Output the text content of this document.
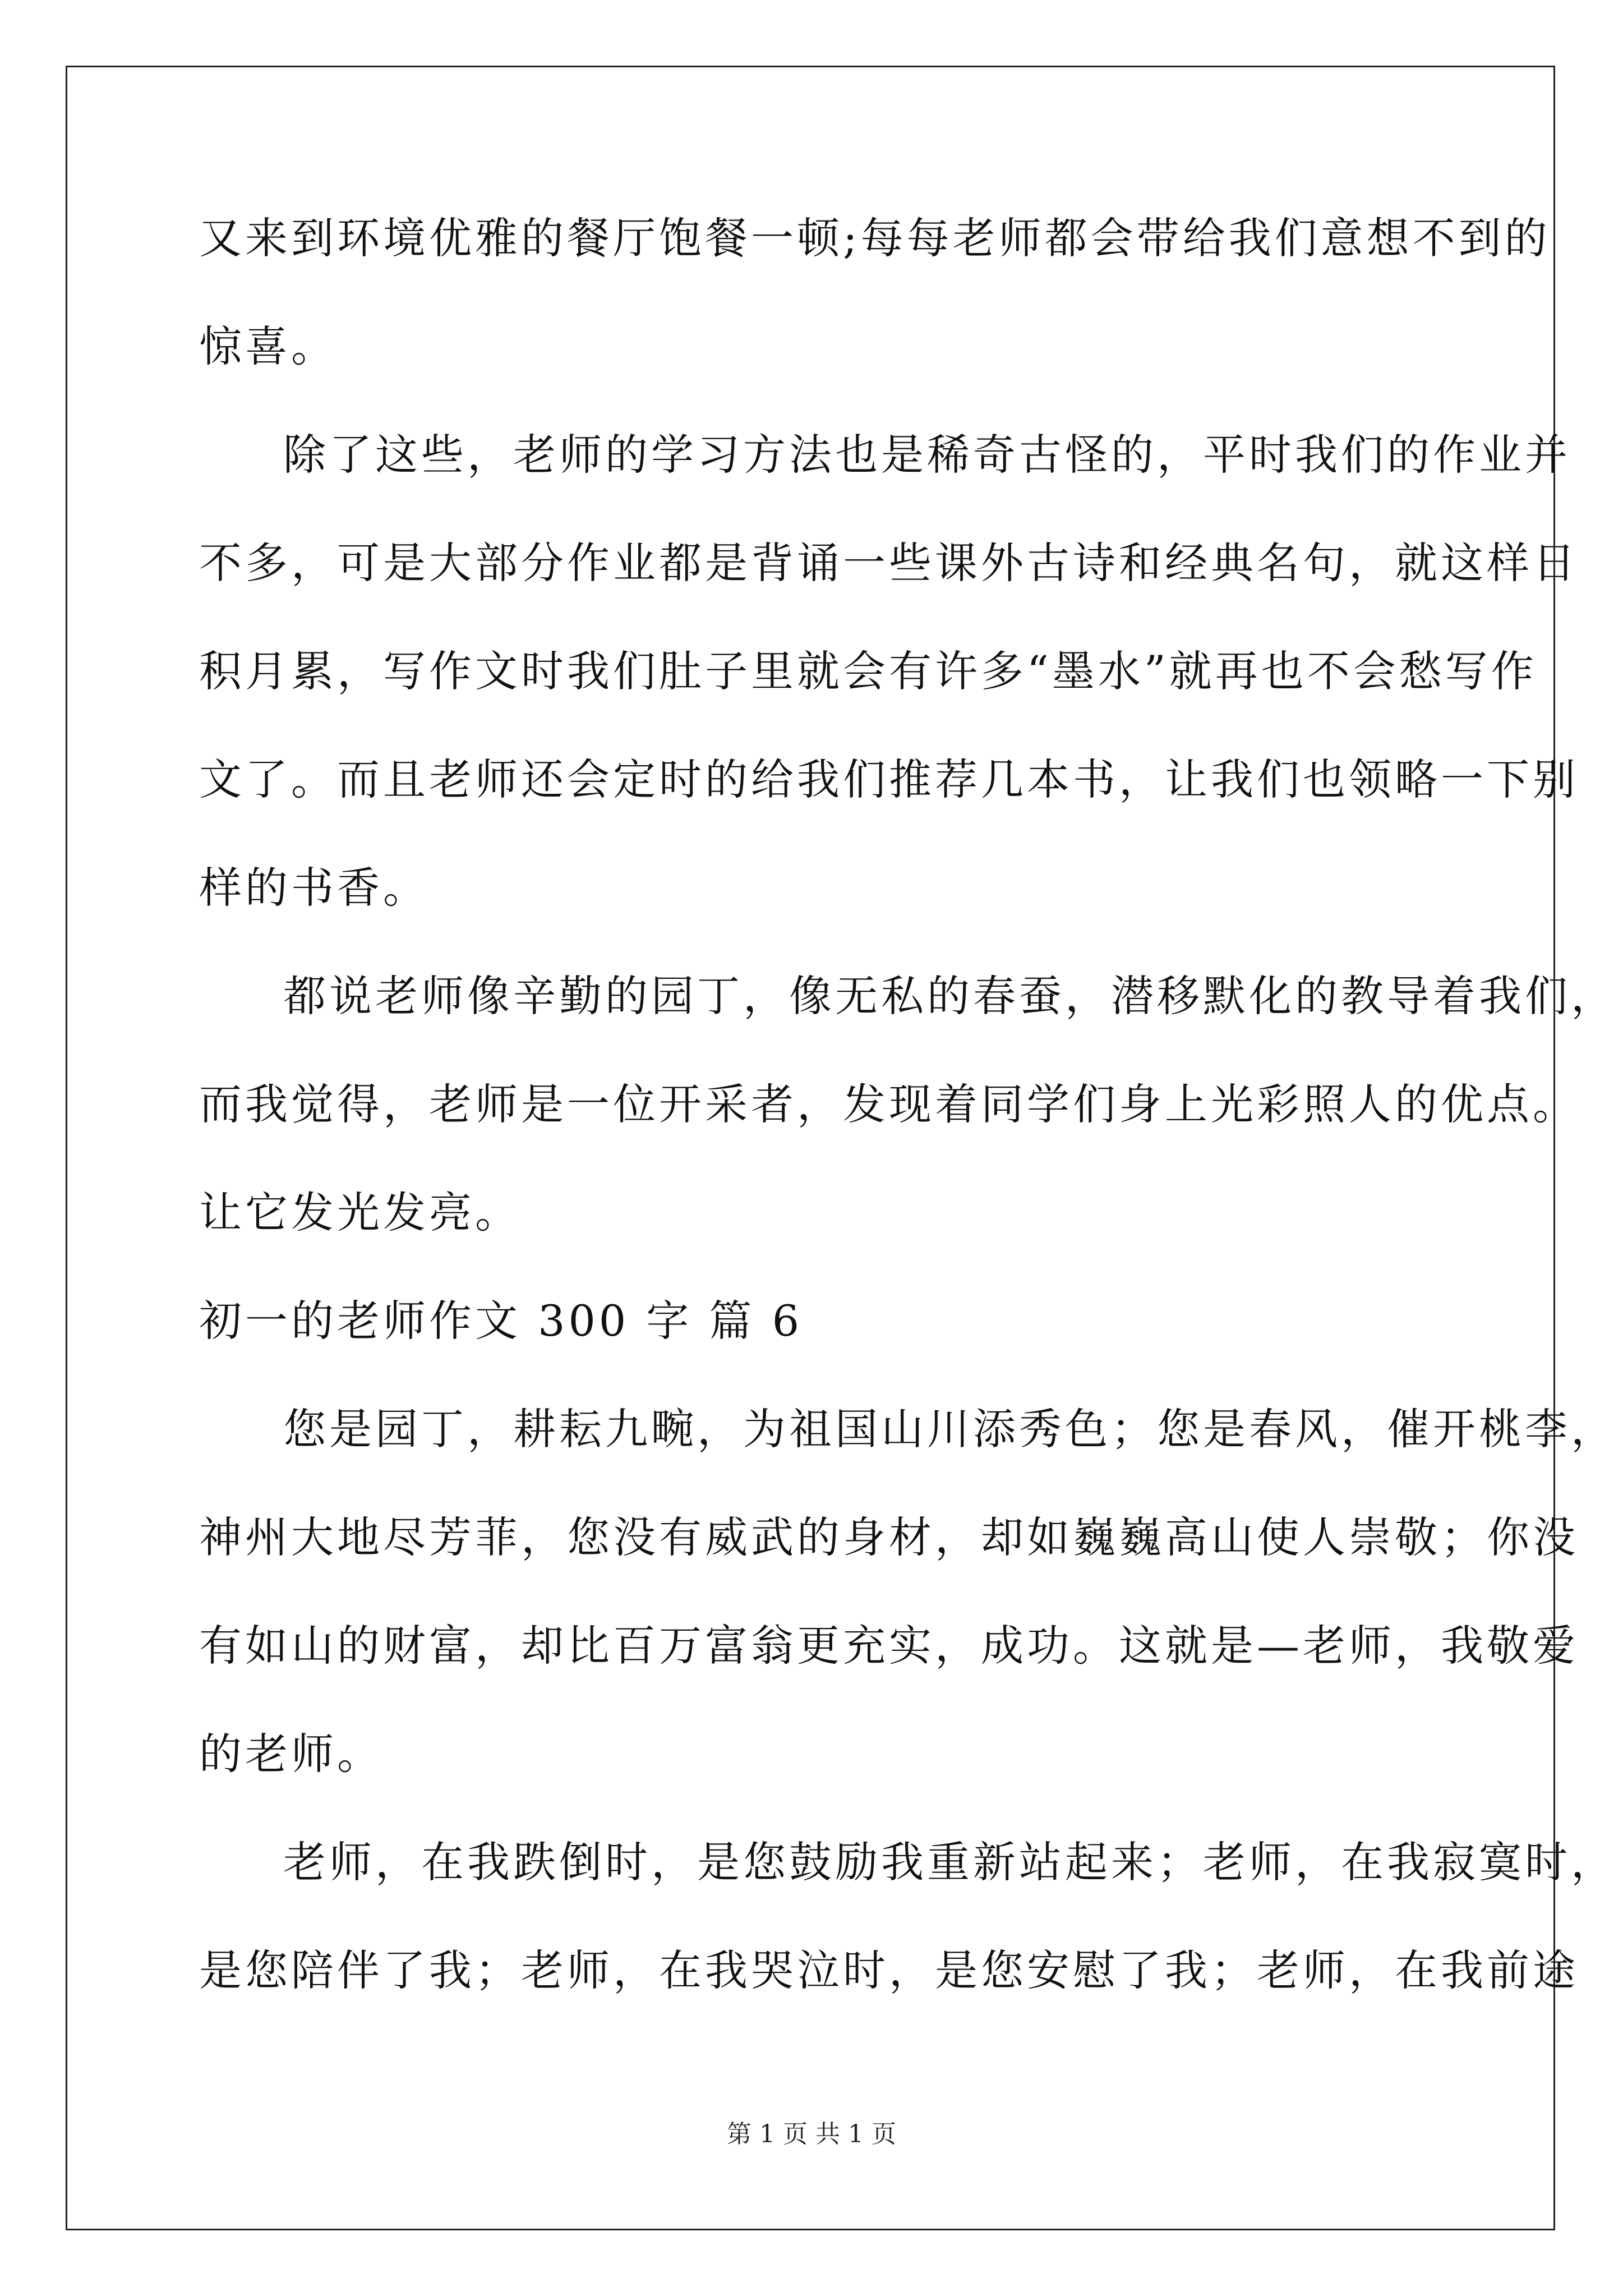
又来到环境优雅的餐厅饱餐一顿;每每老师都会带给我们意想不到的
惊喜。
除了这些，老师的学习方法也是稀奇古怪的，平时我们的作业并
不多，可是大部分作业都是背诵一些课外古诗和经典名句，就这样日
积月累，写作文时我们肚子里就会有许多“墨水”就再也不会愁写作
文了。而且老师还会定时的给我们推荐几本书，让我们也领略一下别
样的书香。
都说老师像辛勤的园丁，像无私的春蚕，潜移默化的教导着我们，
而我觉得，老师是一位开采者，发现着同学们身上光彩照人的优点。
让它发光发亮。
初一的老师作文 300 字 篇 6
您是园丁，耕耘九畹，为祖国山川添秀色；您是春风，催开桃李，
神州大地尽芳菲，您没有威武的身材，却如巍巍高山使人崇敬；你没
有如山的财富，却比百万富翁更充实，成功。这就是—老师，我敬爱
的老师。
老师，在我跌倒时，是您鼓励我重新站起来；老师，在我寂寞时，
是您陪伴了我；老师，在我哭泣时，是您安慰了我；老师，在我前途
第 1 页 共 1 页
